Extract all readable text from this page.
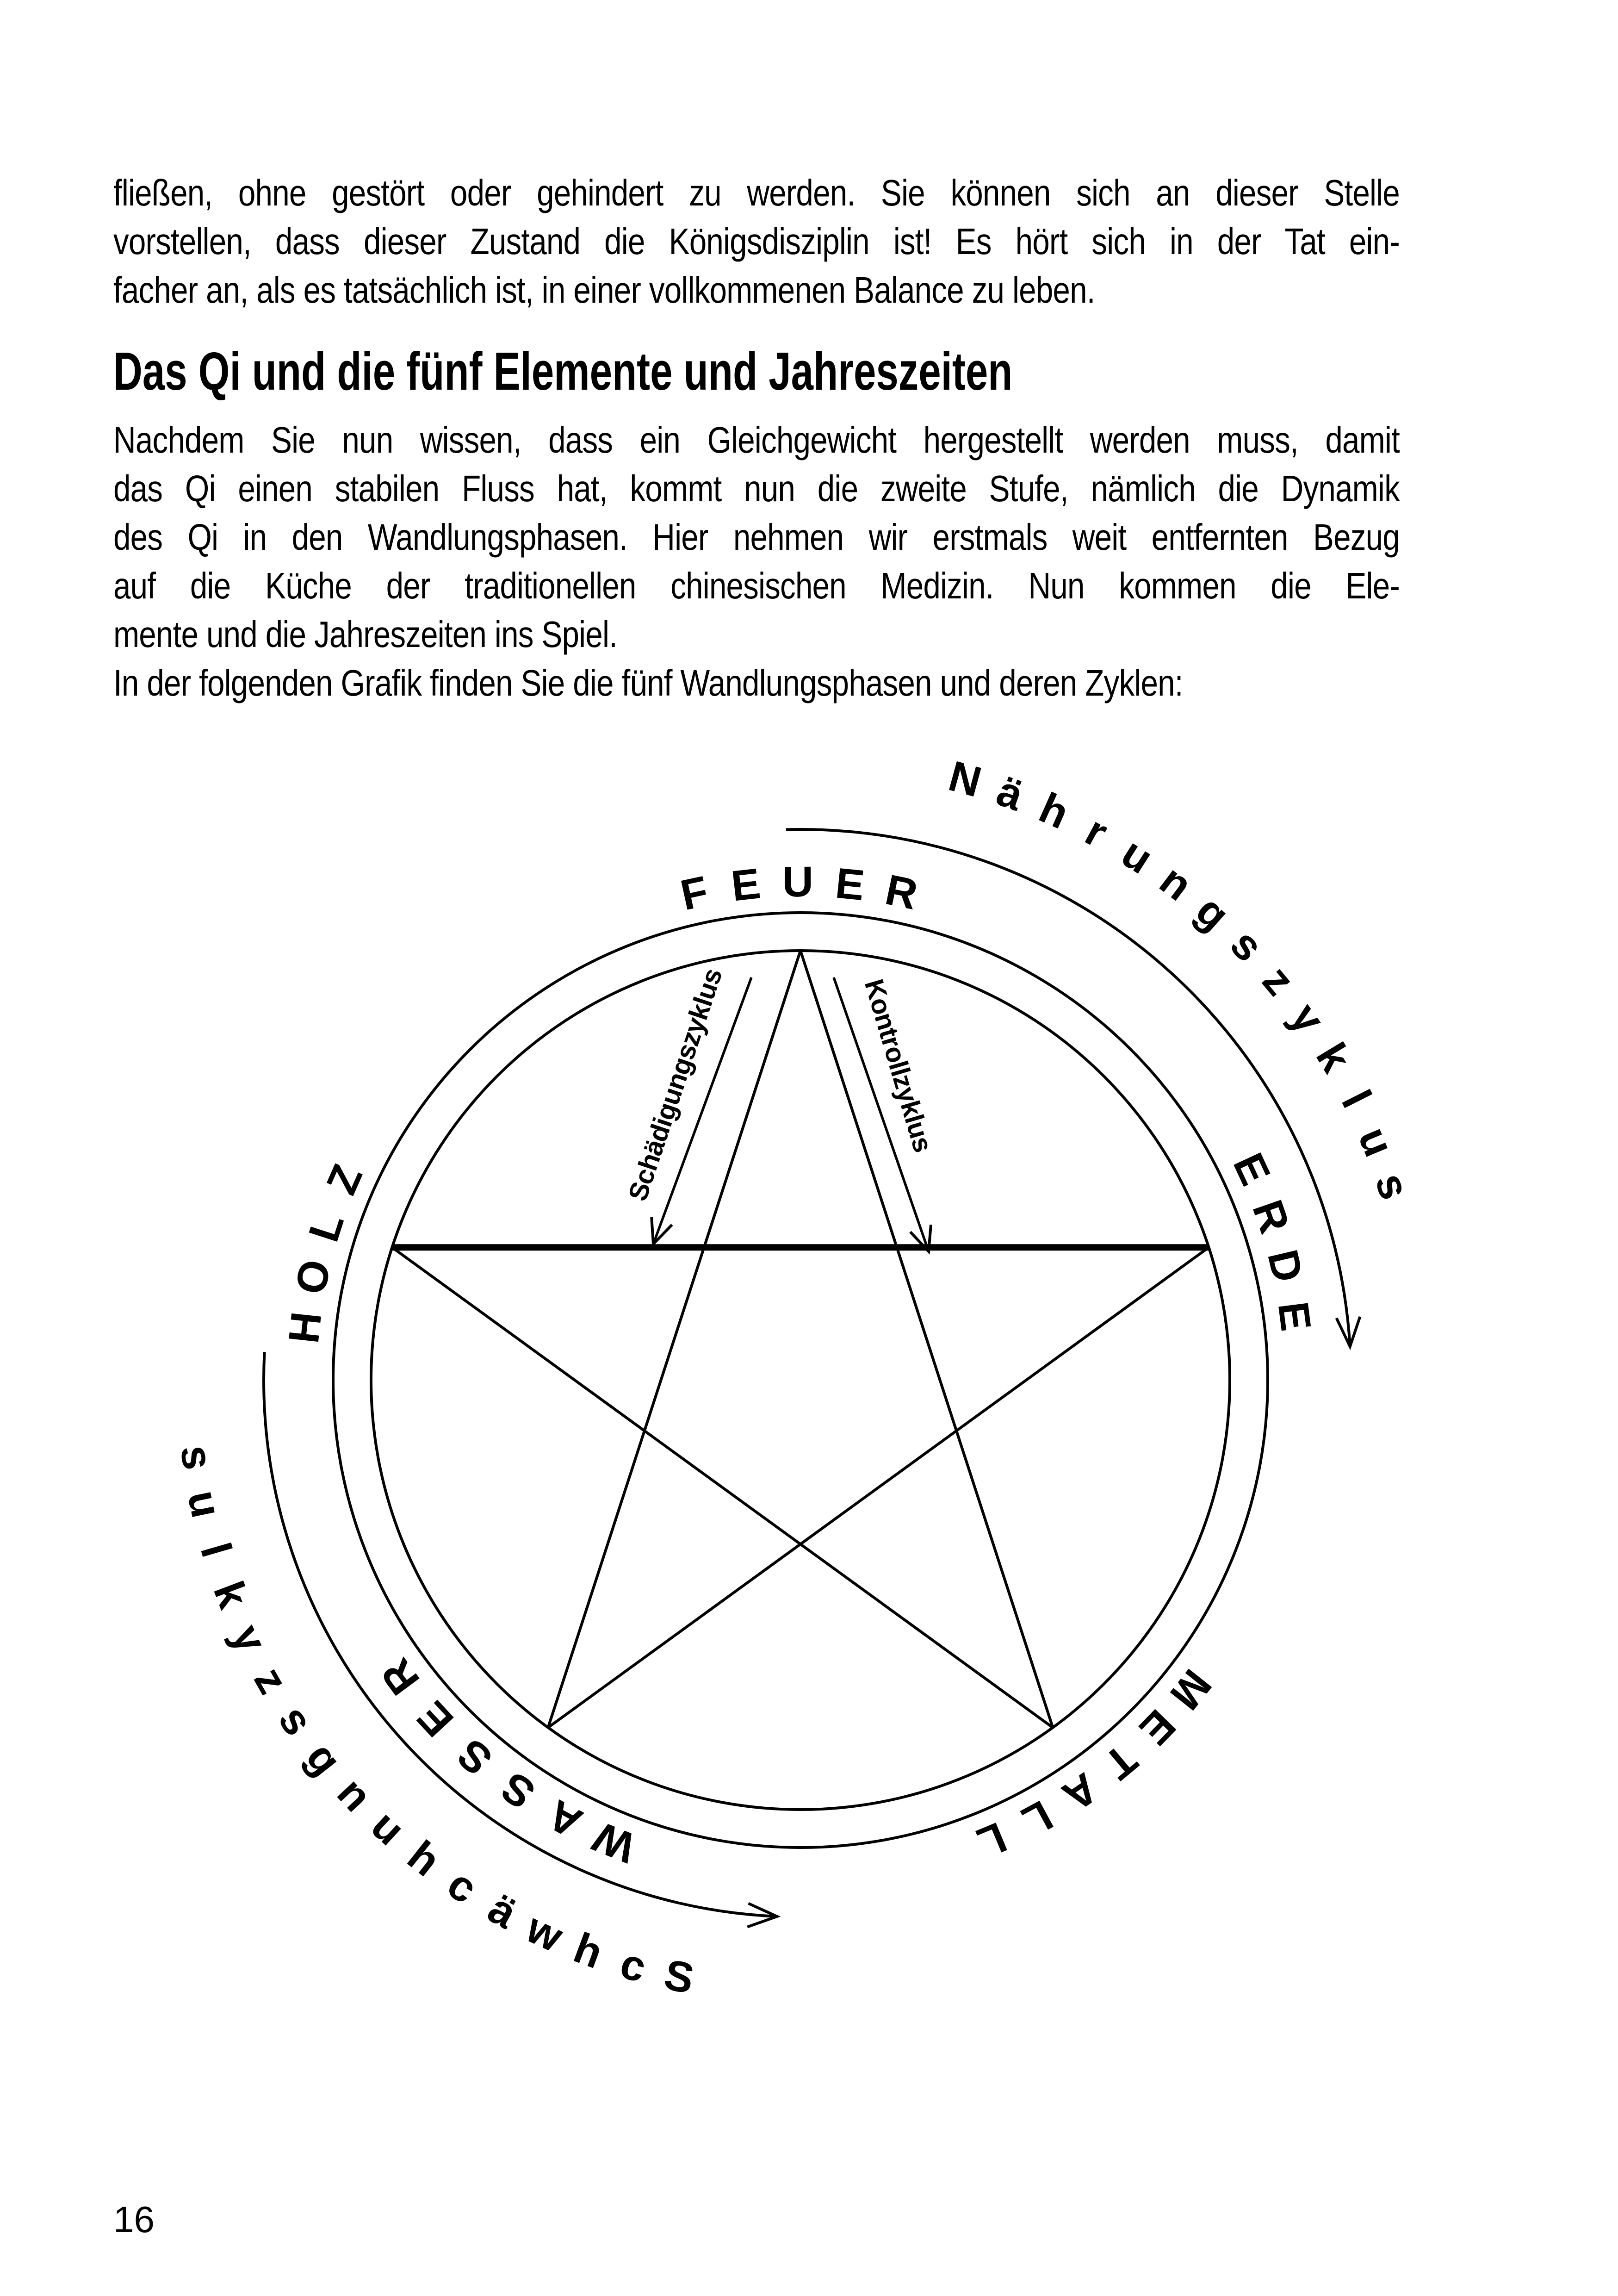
fließen, ohne gestört oder gehindert zu werden. Sie können sich an dieser Stelle
vorstellen, dass dieser Zustand die Königsdisziplin ist! Es hört sich in der Tat ein-
facher an, als es tatsächlich ist, in einer vollkommenen Balance zu leben.
Das Qi und die fünf Elemente und Jahreszeiten
Nachdem Sie nun wissen, dass ein Gleichgewicht hergestellt werden muss, damit
das Qi einen stabilen Fluss hat, kommt nun die zweite Stufe, nämlich die Dynamik
des Qi in den Wandlungsphasen. Hier nehmen wir erstmals weit entfernten Bezug
auf die Küche der traditionellen chinesischen Medizin. Nun kommen die Ele-
mente und die Jahreszeiten ins Spiel.
In der folgenden Grafik finden Sie die fünf Wandlungsphasen und deren Zyklen:
F E U E R
E
R
D
E
M
E
T
A
L
L
W
A
S
S
E
R
H
O
L
Z
N ä h r
u
n
g
s
z
y
k
l
u
s
S
c
h
w
ä
c
h
u
n
g
s
z
y
k
l
u
s
Schädigungszyklus	Kontrollzyklus
16
